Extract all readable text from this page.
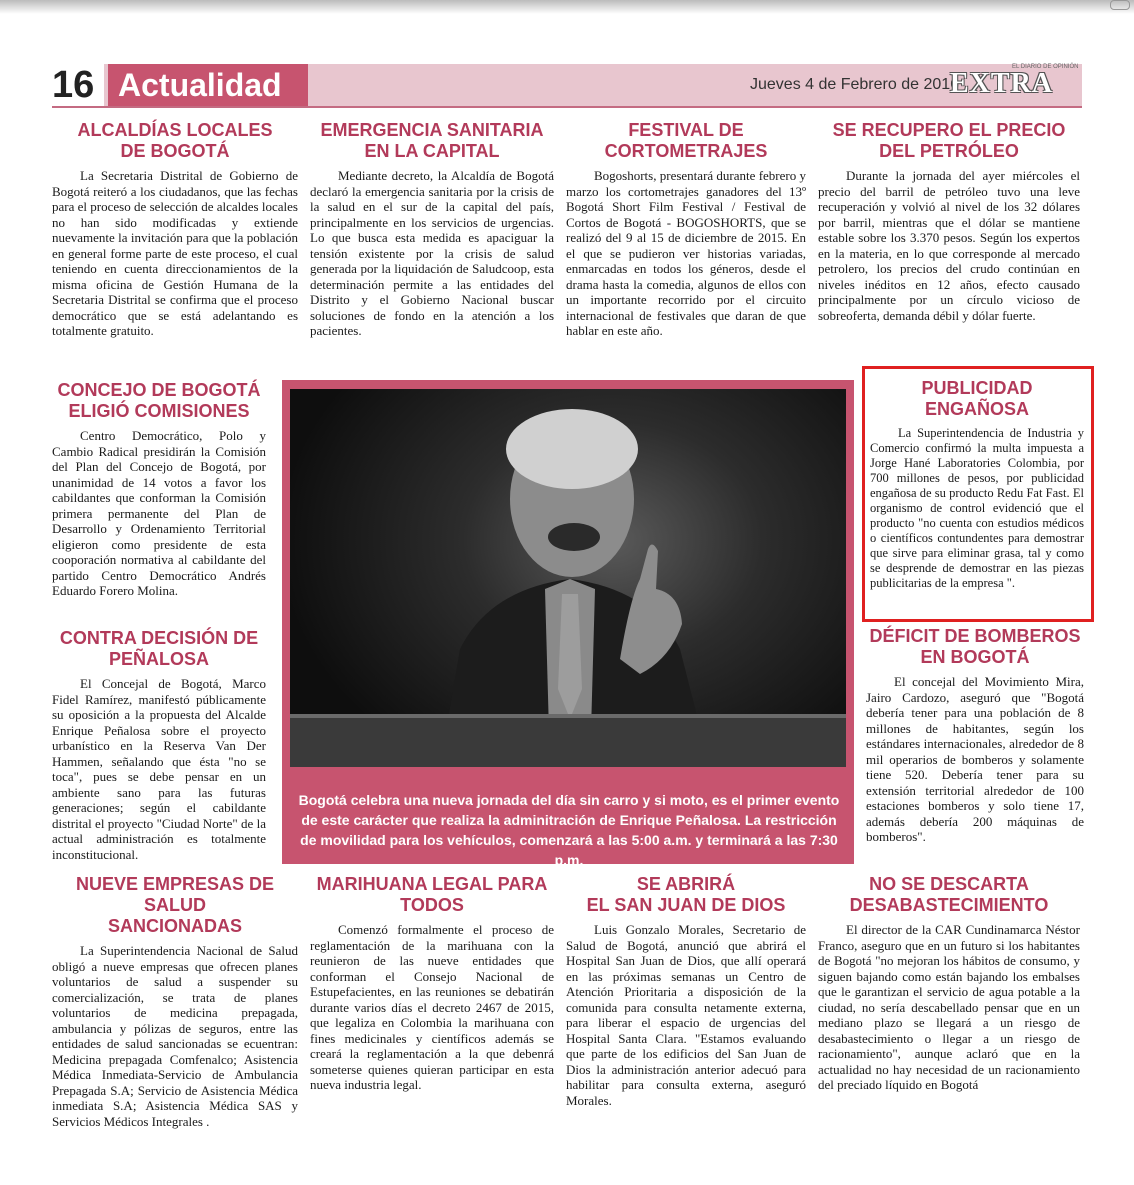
16 Actualidad	Jueves 4 de Febrero de 2016
EL DIARIO DE OPINIÓN
EXTRA
ALCALDÍAS LOCALES
DE BOGOTÁ

La Secretaria Distrital de Gobierno de Bogotá reiteró a los ciudadanos, que las fechas para el proceso de selección de alcaldes locales no han sido modificadas y extiende nuevamente la invitación para que la población en general forme parte de este proceso, el cual teniendo en cuenta direccionamientos de la misma oficina de Gestión Humana de la Secretaria Distrital se confirma que el proceso democrático que se está adelantando es totalmente gratuito.

EMERGENCIA SANITARIA
EN LA CAPITAL

Mediante decreto, la Alcaldía de Bogotá declaró la emergencia sanitaria por la crisis de la salud en el sur de la capital del país, principalmente en los servicios de urgencias. Lo que busca esta medida es apaciguar la tensión existente por la crisis de salud generada por la liquidación de Saludcoop, esta determinación permite a las entidades del Distrito y el Gobierno Nacional buscar soluciones de fondo en la atención a los pacientes.

FESTIVAL DE
CORTOMETRAJES

Bogoshorts, presentará durante febrero y marzo los cortometrajes ganadores del 13º Bogotá Short Film Festival / Festival de Cortos de Bogotá - BOGOSHORTS, que se realizó del 9 al 15 de diciembre de 2015. En el que se pudieron ver historias variadas, enmarcadas en todos los géneros, desde el drama hasta la comedia, algunos de ellos con un importante recorrido por el circuito internacional de festivales que daran de que hablar en este año.

SE RECUPERO EL PRECIO
DEL PETRÓLEO

Durante la jornada del ayer miércoles el precio del barril de petróleo tuvo una leve recuperación y volvió al nivel de los 32 dólares por barril, mientras que el dólar se mantiene estable sobre los 3.370 pesos. Según los expertos en la materia, en lo que corresponde al mercado petrolero, los precios del crudo continúan en niveles inéditos en 12 años, efecto causado principalmente por un círculo vicioso de sobreoferta, demanda débil y dólar fuerte.

CONCEJO DE BOGOTÁ
ELIGIÓ COMISIONES

Centro Democrático, Polo y Cambio Radical presidirán la Comisión del Plan del Concejo de Bogotá, por unanimidad de 14 votos a favor los cabildantes que conforman la Comisión primera permanente del Plan de Desarrollo y Ordenamiento Territorial eligieron como presidente de esta cooporación normativa al cabildante del partido Centro Democrático Andrés Eduardo Forero Molina.

CONTRA DECISIÓN DE
PEÑALOSA

El Concejal de Bogotá, Marco Fidel Ramírez, manifestó públicamente su oposición a la propuesta del Alcalde Enrique Peñalosa sobre el proyecto urbanístico en la Reserva Van Der Hammen, señalando que ésta "no se toca", pues se debe pensar en un ambiente sano para las futuras generaciones; según el cabildante distrital el proyecto "Ciudad Norte" de la actual administración es totalmente inconstitucional.

Bogotá celebra una nueva jornada del día sin carro y si moto, es el primer evento de este carácter que realiza la adminitración de Enrique Peñalosa. La restricción de movilidad para los vehículos, comenzará a las 5:00 a.m. y terminará a las 7:30 p.m.
PUBLICIDAD
ENGAÑOSA

La Superintendencia de Industria y Comercio confirmó la multa impuesta a Jorge Hané Laboratories Colombia, por 700 millones de pesos, por publicidad engañosa de su producto Redu Fat Fast. El organismo de control evidenció que el producto "no cuenta con estudios médicos o científicos contundentes para demostrar que sirve para eliminar grasa, tal y como se desprende de demostrar en las piezas publicitarias de la empresa ".

DÉFICIT DE BOMBEROS
EN BOGOTÁ

El concejal del Movimiento Mira, Jairo Cardozo, aseguró que "Bogotá debería tener para una población de 8 millones de habitantes, según los estándares internacionales, alrededor de 8 mil operarios de bomberos y solamente tiene 520. Debería tener para su extensión territorial alrededor de 100 estaciones bomberos y solo tiene 17, además debería 200 máquinas de bomberos".

NUEVE EMPRESAS DE SALUD
SANCIONADAS

La Superintendencia Nacional de Salud obligó a nueve empresas que ofrecen planes voluntarios de salud a suspender su comercialización, se trata de planes voluntarios de medicina prepagada, ambulancia y pólizas de seguros, entre las entidades de salud sancionadas se ecuentran: Medicina prepagada Comfenalco; Asistencia Médica Inmediata-Servicio de Ambulancia Prepagada S.A; Servicio de Asistencia Médica inmediata S.A; Asistencia Médica SAS y Servicios Médicos Integrales .

MARIHUANA LEGAL PARA
TODOS

Comenzó formalmente el proceso de reglamentación de la marihuana con la reunieron de las nueve entidades que conforman el Consejo Nacional de Estupefacientes, en las reuniones se debatirán durante varios días el decreto 2467 de 2015, que legaliza en Colombia la marihuana con fines medicinales y científicos además se creará la reglamentación a la que debenrá someterse quienes quieran participar en esta nueva industria legal.

SE ABRIRÁ
EL SAN JUAN DE DIOS

Luis Gonzalo Morales, Secretario de Salud de Bogotá, anunció que abrirá el Hospital San Juan de Dios, que allí operará en las próximas semanas un Centro de Atención Prioritaria a disposición de la comunida para consulta netamente externa, para liberar el espacio de urgencias del Hospital Santa Clara. "Estamos evaluando que parte de los edificios del San Juan de Dios la administración anterior adecuó para habilitar para consulta externa, aseguró Morales.

NO SE DESCARTA
DESABASTECIMIENTO

El director de la CAR Cundinamarca Néstor Franco, aseguro que en un futuro si los habitantes de Bogotá "no mejoran los hábitos de consumo, y siguen bajando como están bajando los embalses que le garantizan el servicio de agua potable a la ciudad, no sería descabellado pensar que en un mediano plazo se llegará a un riesgo de desabastecimiento o llegar a un riesgo de racionamiento", aunque aclaró que en la actualidad no hay necesidad de un racionamiento del preciado líquido en Bogotá
